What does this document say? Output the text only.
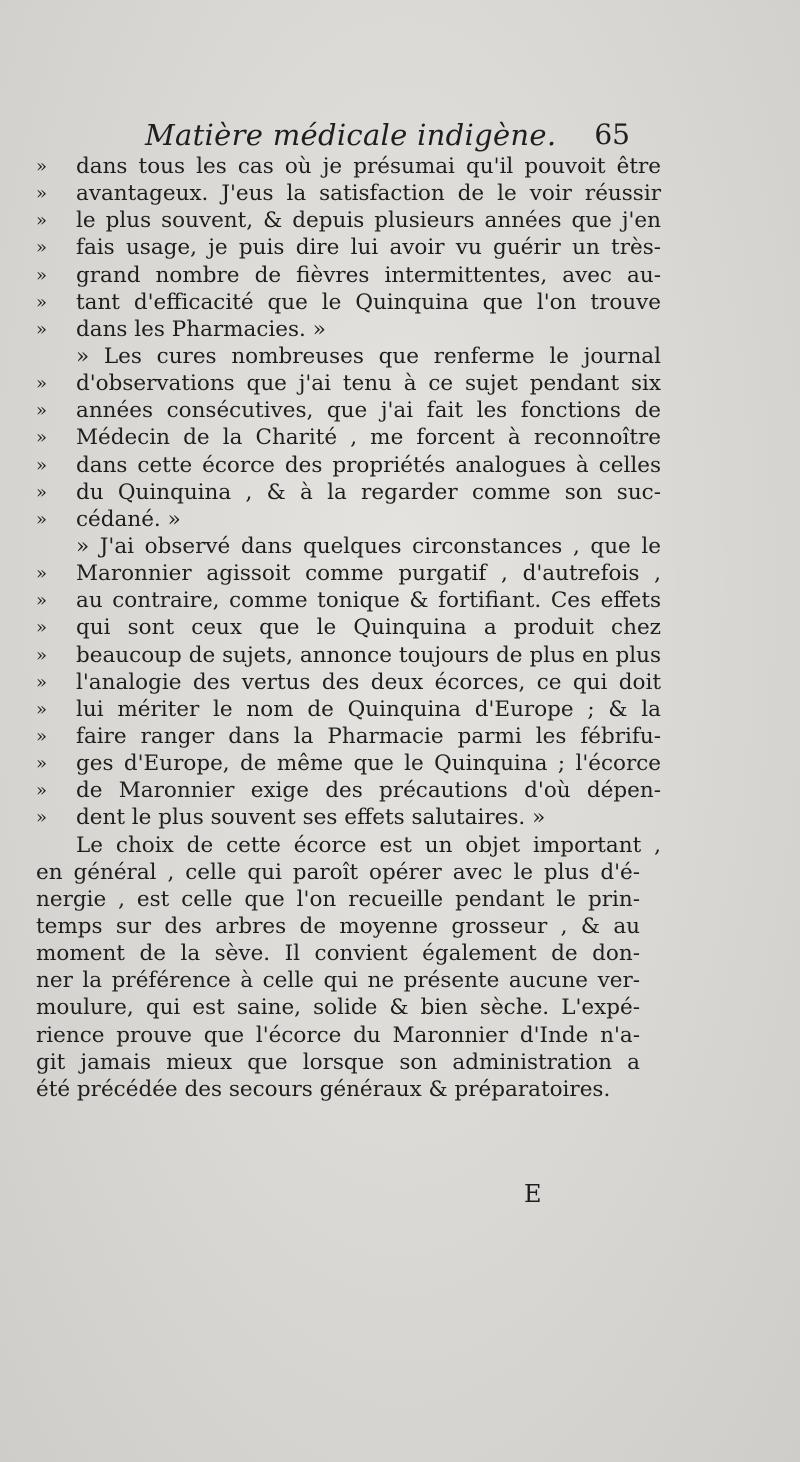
Matière médicale indigène. 65
»	dans tous les cas où je présumai qu'il pouvoit être
»	avantageux. J'eus la satisfaction de le voir réussir
»	le plus souvent, & depuis plusieurs années que j'en
»	fais usage, je puis dire lui avoir vu guérir un très-
»	grand nombre de fièvres intermittentes, avec au-
»	tant d'efficacité que le Quinquina que l'on trouve
»	dans les Pharmacies. »
» Les cures nombreuses que renferme le journal
»	d'observations que j'ai tenu à ce sujet pendant six
»	années consécutives, que j'ai fait les fonctions de
»	Médecin de la Charité , me forcent à reconnoître
»	dans cette écorce des propriétés analogues à celles
»	du Quinquina , & à la regarder comme son suc-
»	cédané. »
» J'ai observé dans quelques circonstances , que le
»	Maronnier agissoit comme purgatif , d'autrefois ,
»	au contraire, comme tonique & fortifiant. Ces effets
»	qui sont ceux que le Quinquina a produit chez
»	beaucoup de sujets, annonce toujours de plus en plus
»	l'analogie des vertus des deux écorces, ce qui doit
»	lui mériter le nom de Quinquina d'Europe ; & la
»	faire ranger dans la Pharmacie parmi les fébrifu-
»	ges d'Europe, de même que le Quinquina ; l'écorce
»	de Maronnier exige des précautions d'où dépen-
»	dent le plus souvent ses effets salutaires. »
Le choix de cette écorce est un objet important ,
en général , celle qui paroît opérer avec le plus d'é-
nergie , est celle que l'on recueille pendant le prin-
temps sur des arbres de moyenne grosseur , & au
moment de la sève. Il convient également de don-
ner la préférence à celle qui ne présente aucune ver-
moulure, qui est saine, solide & bien sèche. L'expé-
rience prouve que l'écorce du Maronnier d'Inde n'a-
git jamais mieux que lorsque son administration a
été précédée des secours généraux & préparatoires.
E
